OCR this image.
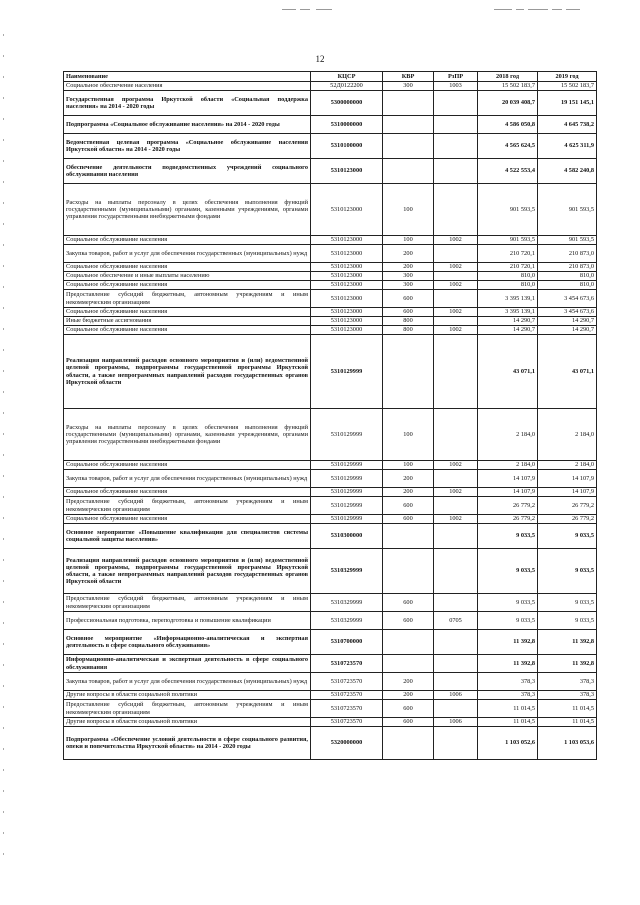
12
Наименование	КЦСР	КВР	РзПР	2018 год	2019 год
Социальное обеспечение населения	52Д0122200	300	1003	15 502 183,7	15 502 183,7
Государственная программа Иркутской области «Социальная поддержка населения» на 2014 - 2020 годы	5300000000			20 039 408,7	19 151 145,1
Подпрограмма «Социальное обслуживание населения» на 2014 - 2020 годы	5310000000			4 586 050,8	4 645 738,2
Ведомственная целевая программа «Социальное обслуживание населения Иркутской области» на 2014 - 2020 годы	5310100000			4 565 624,5	4 625 311,9
Обеспечение деятельности подведомственных учреждений социального обслуживания населения	5310123000			4 522 553,4	4 582 240,8
Расходы на выплаты персоналу в целях обеспечения выполнения функций государственными (муниципальными) органами, казенными учреждениями, органами управления государственными внебюджетными фондами	5310123000	100		901 593,5	901 593,5
Социальное обслуживание населения	5310123000	100	1002	901 593,5	901 593,5
Закупка товаров, работ и услуг для обеспечения государственных (муниципальных) нужд	5310123000	200		210 720,1	210 873,0
Социальное обслуживание населения	5310123000	200	1002	210 720,1	210 873,0
Социальное обеспечение и иные выплаты населению	5310123000	300		810,0	810,0
Социальное обслуживание населения	5310123000	300	1002	810,0	810,0
Предоставление субсидий бюджетным, автономным учреждениям и иным некоммерческим организациям	5310123000	600		3 395 139,1	3 454 673,6
Социальное обслуживание населения	5310123000	600	1002	3 395 139,1	3 454 673,6
Иные бюджетные ассигнования	5310123000	800		14 290,7	14 290,7
Социальное обслуживание населения	5310123000	800	1002	14 290,7	14 290,7
Реализация направлений расходов основного мероприятия и (или) ведомственной целевой программы, подпрограммы государственной программы Иркутской области, а также непрограммных направлений расходов государственных органов Иркутской области	5310129999			43 071,1	43 071,1
Расходы на выплаты персоналу в целях обеспечения выполнения функций государственными (муниципальными) органами, казенными учреждениями, органами управления государственными внебюджетными фондами	5310129999	100		2 184,0	2 184,0
Социальное обслуживание населения	5310129999	100	1002	2 184,0	2 184,0
Закупка товаров, работ и услуг для обеспечения государственных (муниципальных) нужд	5310129999	200		14 107,9	14 107,9
Социальное обслуживание населения	5310129999	200	1002	14 107,9	14 107,9
Предоставление субсидий бюджетным, автономным учреждениям и иным некоммерческим организациям	5310129999	600		26 779,2	26 779,2
Социальное обслуживание населения	5310129999	600	1002	26 779,2	26 779,2
Основное мероприятие «Повышение квалификации для специалистов системы социальной защиты населения»	5310300000			9 033,5	9 033,5
Реализация направлений расходов основного мероприятия и (или) ведомственной целевой программы, подпрограммы государственной программы Иркутской области, а также непрограммных направлений расходов государственных органов Иркутской области	5310329999			9 033,5	9 033,5
Предоставление субсидий бюджетным, автономным учреждениям и иным некоммерческим организациям	5310329999	600		9 033,5	9 033,5
Профессиональная подготовка, переподготовка и повышение квалификации	5310329999	600	0705	9 033,5	9 033,5
Основное мероприятие «Информационно-аналитическая и экспертная деятельность в сфере социального обслуживания»	5310700000			11 392,8	11 392,8
Информационно-аналитическая и экспертная деятельность в сфере социального обслуживания	5310723570			11 392,8	11 392,8
Закупка товаров, работ и услуг для обеспечения государственных (муниципальных) нужд	5310723570	200		378,3	378,3
Другие вопросы в области социальной политики	5310723570	200	1006	378,3	378,3
Предоставление субсидий бюджетным, автономным учреждениям и иным некоммерческим организациям	5310723570	600		11 014,5	11 014,5
Другие вопросы в области социальной политики	5310723570	600	1006	11 014,5	11 014,5
Подпрограмма «Обеспечение условий деятельности в сфере социального развития, опеки и попечительства Иркутской области» на 2014 - 2020 годы	5320000000			1 103 052,6	1 103 053,6
